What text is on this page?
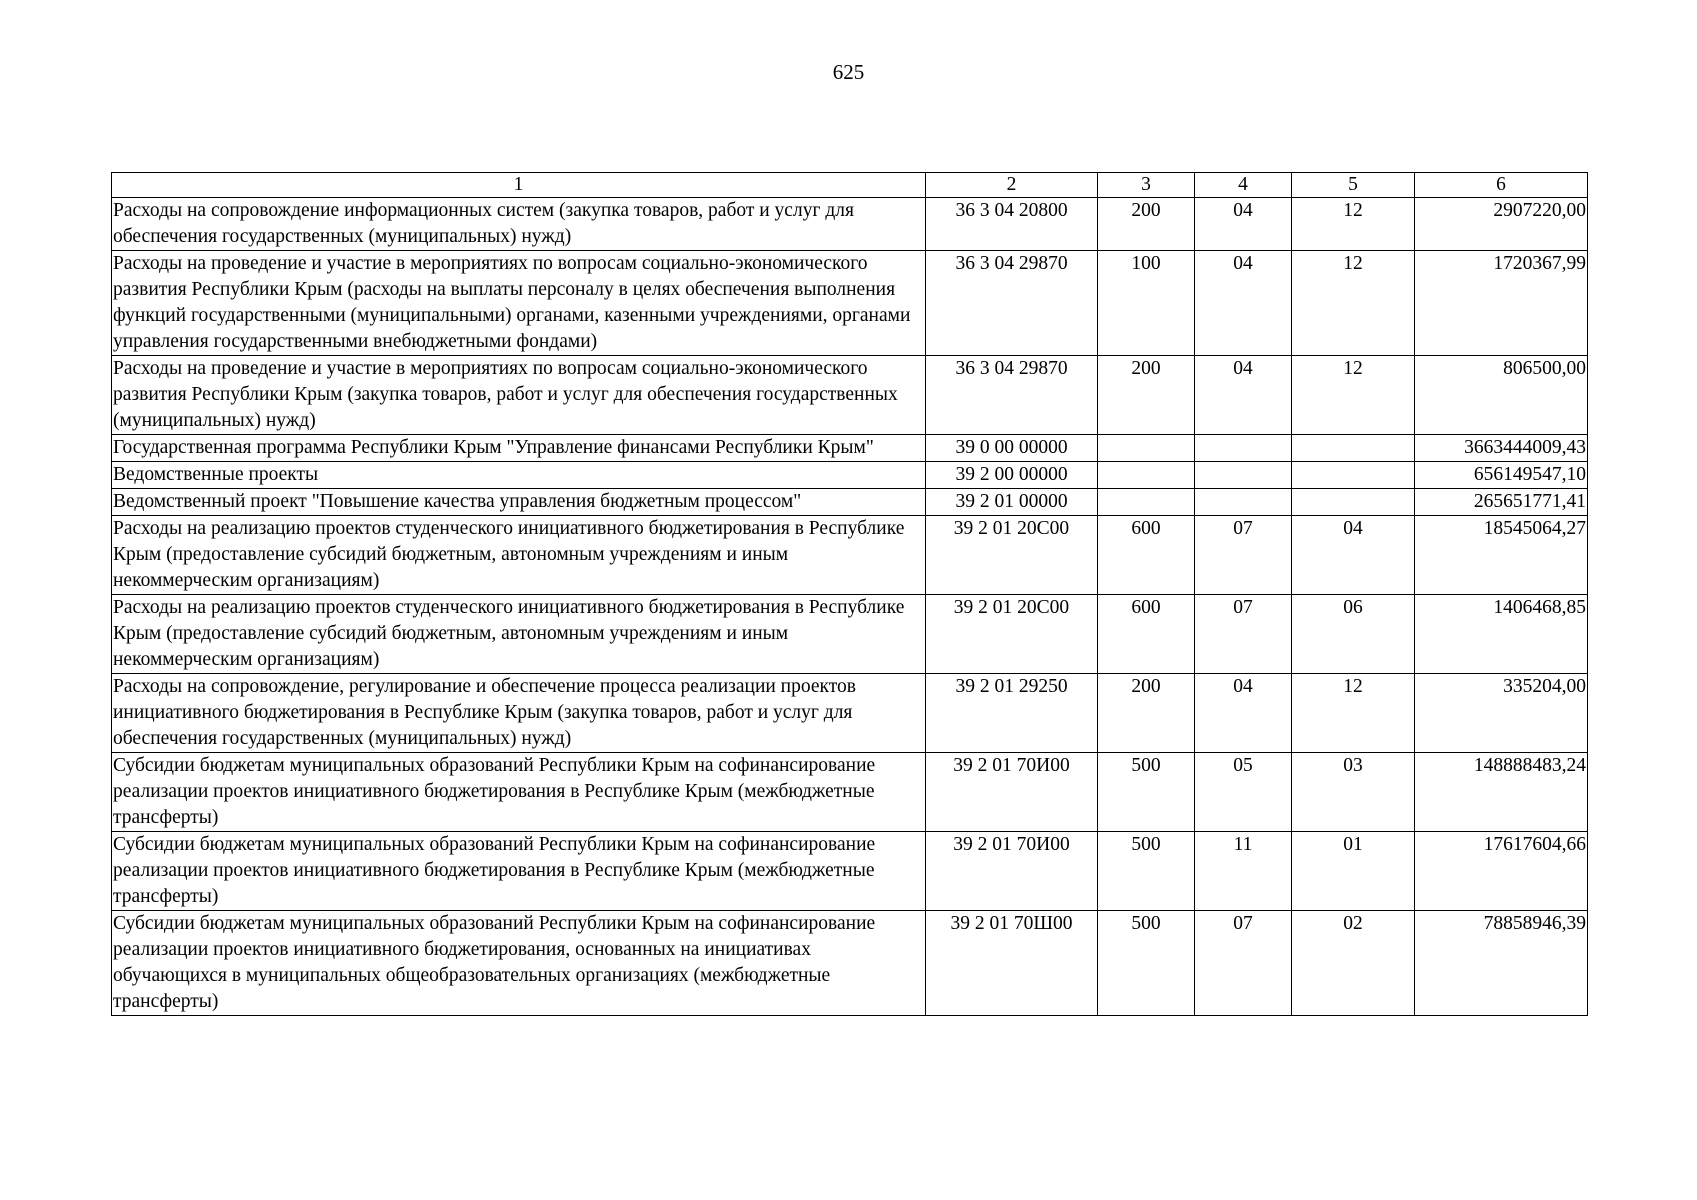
625
1	2	3	4	5	6
Расходы на сопровождение информационных систем (закупка товаров, работ и услуг для обеспечения государственных (муниципальных) нужд)	36 3 04 20800	200	04	12	2907220,00
Расходы на проведение и участие в мероприятиях по вопросам социально-экономического развития Республики Крым (расходы на выплаты персоналу в целях обеспечения выполнения функций государственными (муниципальными) органами, казенными учреждениями, органами управления государственными внебюджетными фондами)	36 3 04 29870	100	04	12	1720367,99
Расходы на проведение и участие в мероприятиях по вопросам социально-экономического развития Республики Крым (закупка товаров, работ и услуг для обеспечения государственных (муниципальных) нужд)	36 3 04 29870	200	04	12	806500,00
Государственная программа Республики Крым "Управление финансами Республики Крым"	39 0 00 00000				3663444009,43
Ведомственные проекты	39 2 00 00000				656149547,10
Ведомственный проект "Повышение качества управления бюджетным процессом"	39 2 01 00000				265651771,41
Расходы на реализацию проектов студенческого инициативного бюджетирования в Республике Крым (предоставление субсидий бюджетным, автономным учреждениям и иным некоммерческим организациям)	39 2 01 20С00	600	07	04	18545064,27
Расходы на реализацию проектов студенческого инициативного бюджетирования в Республике Крым (предоставление субсидий бюджетным, автономным учреждениям и иным некоммерческим организациям)	39 2 01 20С00	600	07	06	1406468,85
Расходы на сопровождение, регулирование и обеспечение процесса реализации проектов инициативного бюджетирования в Республике Крым (закупка товаров, работ и услуг для обеспечения государственных (муниципальных) нужд)	39 2 01 29250	200	04	12	335204,00
Субсидии бюджетам муниципальных образований Республики Крым на софинансирование реализации проектов инициативного бюджетирования в Республике Крым (межбюджетные трансферты)	39 2 01 70И00	500	05	03	148888483,24
Субсидии бюджетам муниципальных образований Республики Крым на софинансирование реализации проектов инициативного бюджетирования в Республике Крым (межбюджетные трансферты)	39 2 01 70И00	500	11	01	17617604,66
Субсидии бюджетам муниципальных образований Республики Крым на софинансирование реализации проектов инициативного бюджетирования, основанных на инициативах обучающихся в муниципальных общеобразовательных организациях (межбюджетные трансферты)	39 2 01 70Ш00	500	07	02	78858946,39
